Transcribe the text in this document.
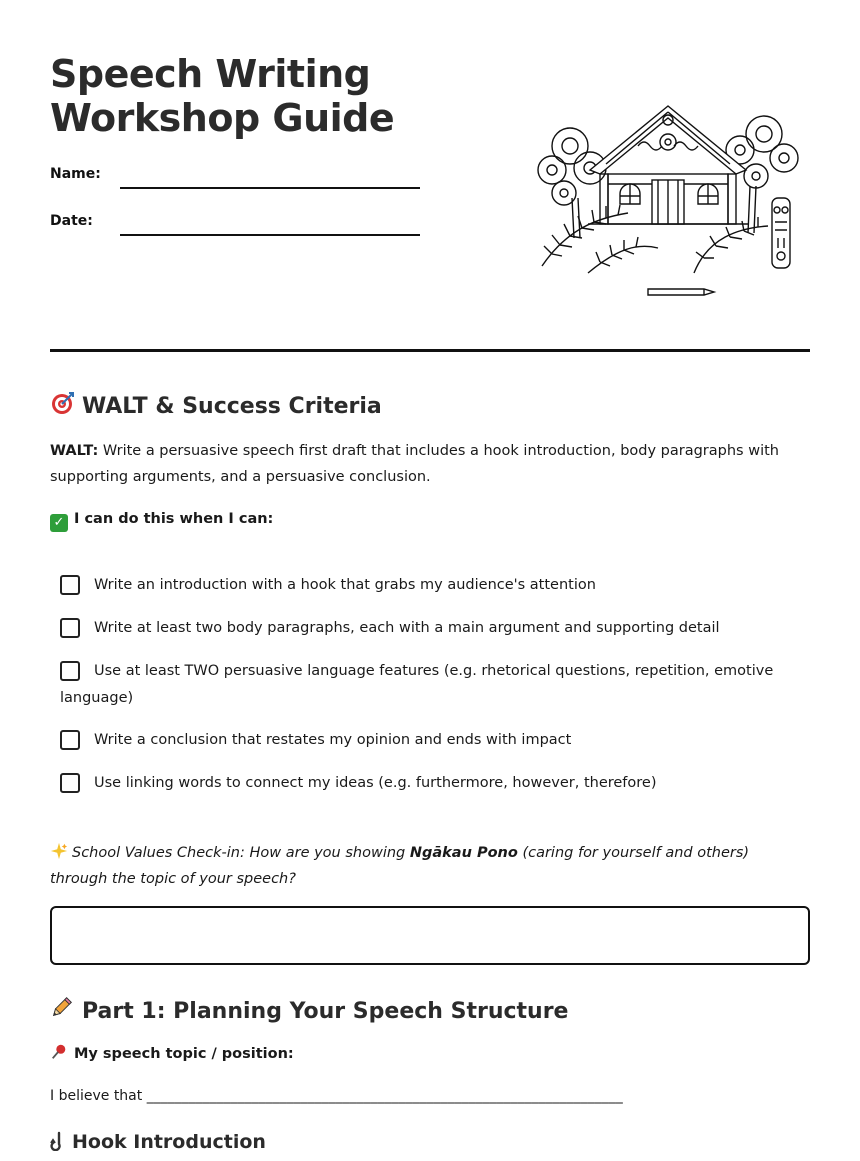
Speech Writing
Workshop Guide
Name:
Date:
WALT & Success Criteria
WALT: Write a persuasive speech first draft that includes a hook introduction, body paragraphs with supporting arguments, and a persuasive conclusion.
✓ I can do this when I can:
Write an introduction with a hook that grabs my audience's attention
Write at least two body paragraphs, each with a main argument and supporting detail
Use at least TWO persuasive language features (e.g. rhetorical questions, repetition, emotive language)
Write a conclusion that restates my opinion and ends with impact
Use linking words to connect my ideas (e.g. furthermore, however, therefore)
School Values Check-in: How are you showing Ngākau Pono (caring for yourself and others) through the topic of your speech?
Part 1: Planning Your Speech Structure
My speech topic / position:
I believe that ____________________________________________________________________
Hook Introduction
